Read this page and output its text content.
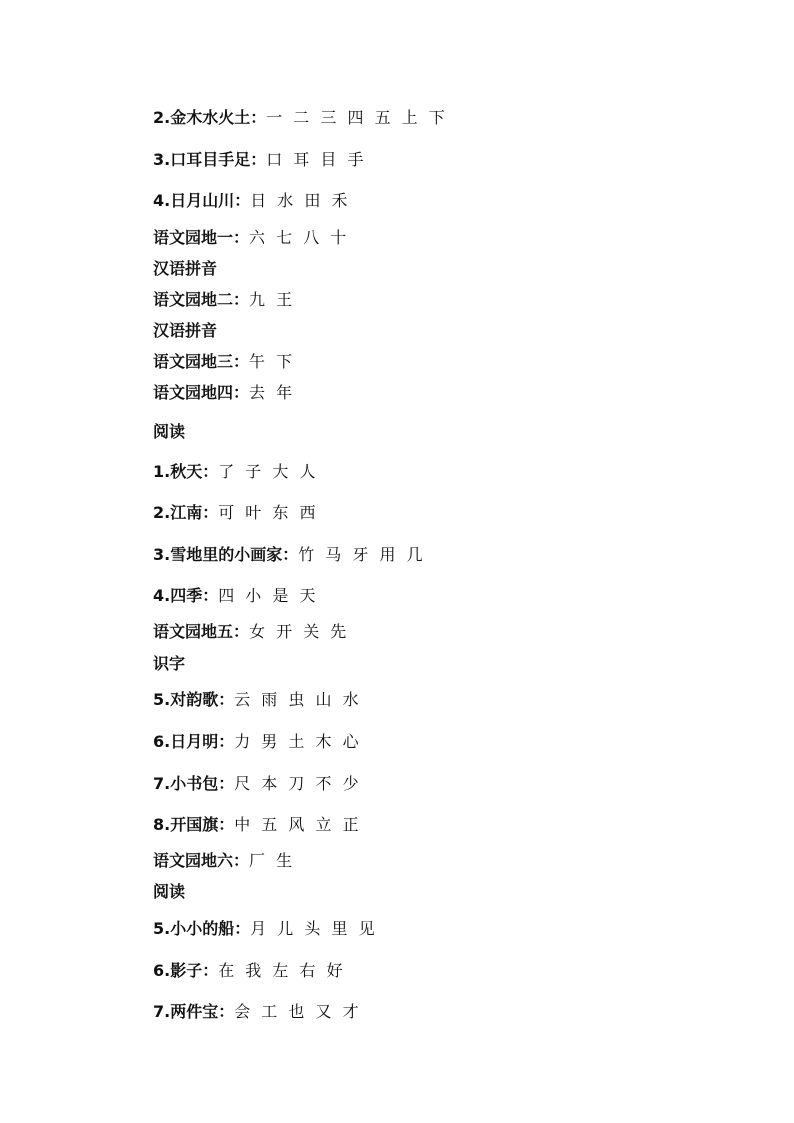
2.金木水火土：一 二 三 四 五 上 下
3.口耳目手足：口 耳 目 手
4.日月山川：日 水 田 禾
语文园地一：六 七 八 十
汉语拼音
语文园地二：九 王
汉语拼音
语文园地三：午 下
语文园地四：去 年
阅读
1.秋天：了 子 大 人
2.江南：可 叶 东 西
3.雪地里的小画家：竹 马 牙 用 几
4.四季：四 小 是 天
语文园地五：女 开 关 先
识字
5.对韵歌：云 雨 虫 山 水
6.日月明：力 男 土 木 心
7.小书包：尺 本 刀 不 少
8.开国旗：中 五 风 立 正
语文园地六：厂 生
阅读
5.小小的船：月 儿 头 里 见
6.影子：在 我 左 右 好
7.两件宝：会 工 也 又 才
